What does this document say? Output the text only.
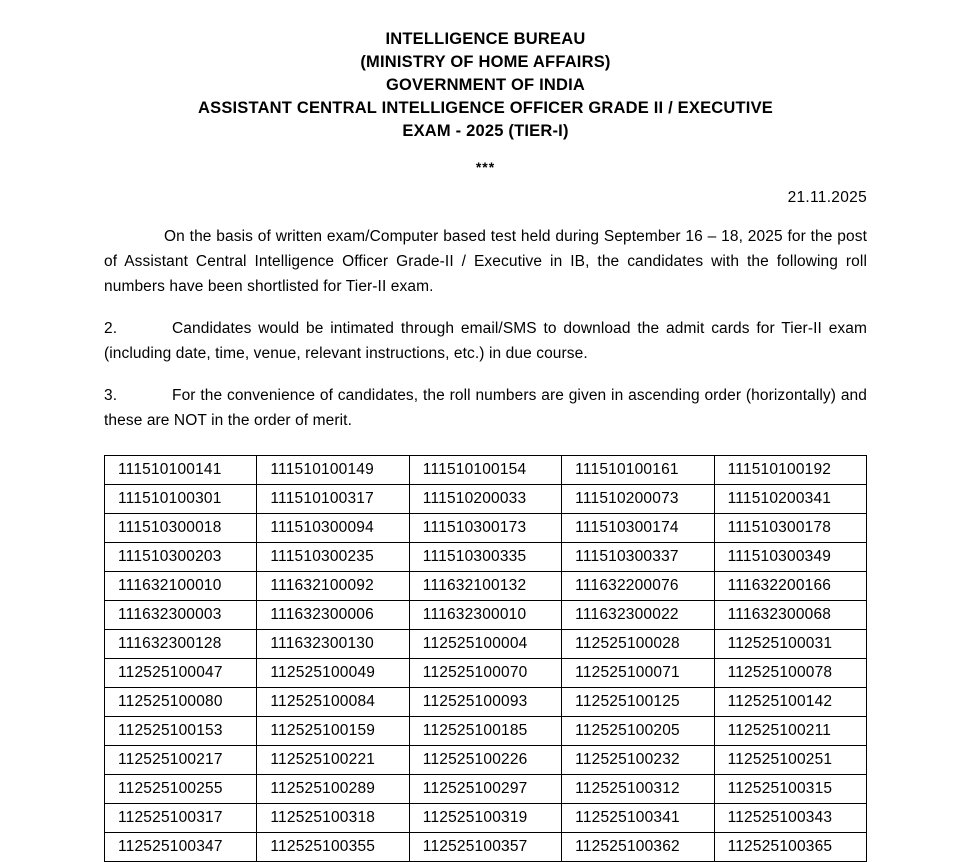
INTELLIGENCE BUREAU
(MINISTRY OF HOME AFFAIRS)
GOVERNMENT OF INDIA
ASSISTANT CENTRAL INTELLIGENCE OFFICER GRADE II / EXECUTIVE
EXAM - 2025 (TIER-I)
***
21.11.2025
On the basis of written exam/Computer based test held during September 16 – 18, 2025 for the post of Assistant Central Intelligence Officer Grade-II / Executive in IB, the candidates with the following roll numbers have been shortlisted for Tier-II exam.
2.	Candidates would be intimated through email/SMS to download the admit cards for Tier-II exam (including date, time, venue, relevant instructions, etc.) in due course.
3.	For the convenience of candidates, the roll numbers are given in ascending order (horizontally) and these are NOT in the order of merit.
111510100141	111510100149	111510100154	111510100161	111510100192
111510100301	111510100317	111510200033	111510200073	111510200341
111510300018	111510300094	111510300173	111510300174	111510300178
111510300203	111510300235	111510300335	111510300337	111510300349
111632100010	111632100092	111632100132	111632200076	111632200166
111632300003	111632300006	111632300010	111632300022	111632300068
111632300128	111632300130	112525100004	112525100028	112525100031
112525100047	112525100049	112525100070	112525100071	112525100078
112525100080	112525100084	112525100093	112525100125	112525100142
112525100153	112525100159	112525100185	112525100205	112525100211
112525100217	112525100221	112525100226	112525100232	112525100251
112525100255	112525100289	112525100297	112525100312	112525100315
112525100317	112525100318	112525100319	112525100341	112525100343
112525100347	112525100355	112525100357	112525100362	112525100365
